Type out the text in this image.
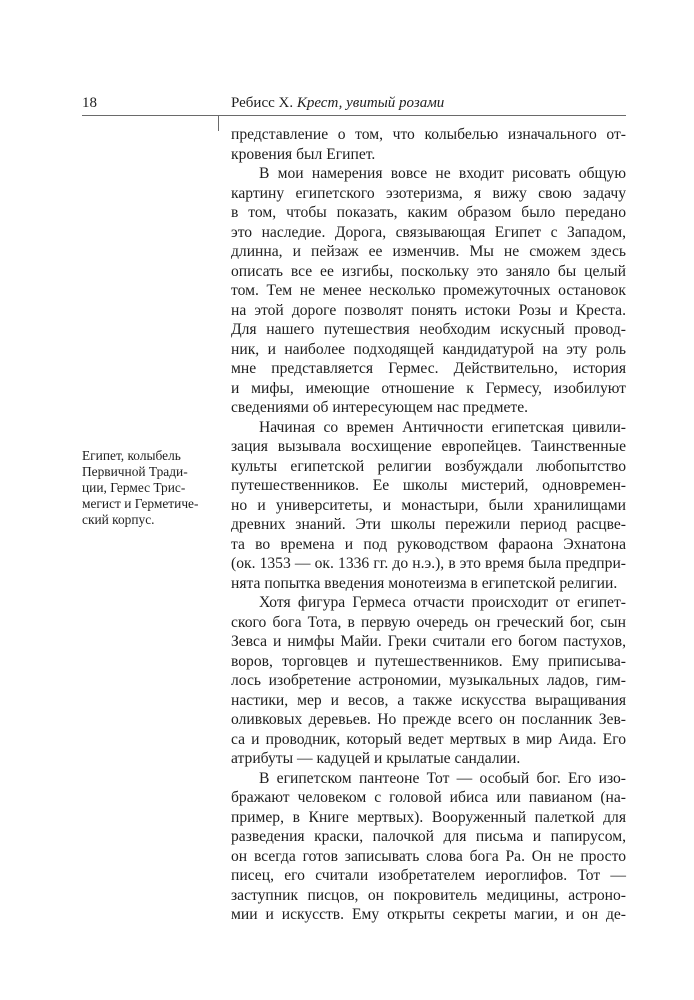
18	Ребисс Х. Крест, увитый розами
Египет, колыбель
Первичной Тради-
ции, Гермес Трис-
мегист и Герметиче-
ский корпус.
представление о том, что колыбелью изначального от-
кровения был Египет.
В мои намерения вовсе не входит рисовать общую
картину египетского эзотеризма, я вижу свою задачу
в том, чтобы показать, каким образом было передано
это наследие. Дорога, связывающая Египет с Западом,
длинна, и пейзаж ее изменчив. Мы не сможем здесь
описать все ее изгибы, поскольку это заняло бы целый
том. Тем не менее несколько промежуточных остановок
на этой дороге позволят понять истоки Розы и Креста.
Для нашего путешествия необходим искусный провод-
ник, и наиболее подходящей кандидатурой на эту роль
мне представляется Гермес. Действительно, история
и мифы, имеющие отношение к Гермесу, изобилуют
сведениями об интересующем нас предмете.
Начиная со времен Античности египетская цивили-
зация вызывала восхищение европейцев. Таинственные
культы египетской религии возбуждали любопытство
путешественников. Ее школы мистерий, одновремен-
но и университеты, и монастыри, были хранилищами
древних знаний. Эти школы пережили период расцве-
та во времена и под руководством фараона Эхнатона
(ок. 1353 — ок. 1336 гг. до н.э.), в это время была предпри-
нята попытка введения монотеизма в египетской религии.
Хотя фигура Гермеса отчасти происходит от египет-
ского бога Тота, в первую очередь он греческий бог, сын
Зевса и нимфы Майи. Греки считали его богом пастухов,
воров, торговцев и путешественников. Ему приписыва-
лось изобретение астрономии, музыкальных ладов, гим-
настики, мер и весов, а также искусства выращивания
оливковых деревьев. Но прежде всего он посланник Зев-
са и проводник, который ведет мертвых в мир Аида. Его
атрибуты — кадуцей и крылатые сандалии.
В египетском пантеоне Тот — особый бог. Его изо-
бражают человеком с головой ибиса или павианом (на-
пример, в Книге мертвых). Вооруженный палеткой для
разведения краски, палочкой для письма и папирусом,
он всегда готов записывать слова бога Ра. Он не просто
писец, его считали изобретателем иероглифов. Тот —
заступник писцов, он покровитель медицины, астроно-
мии и искусств. Ему открыты секреты магии, и он де-
